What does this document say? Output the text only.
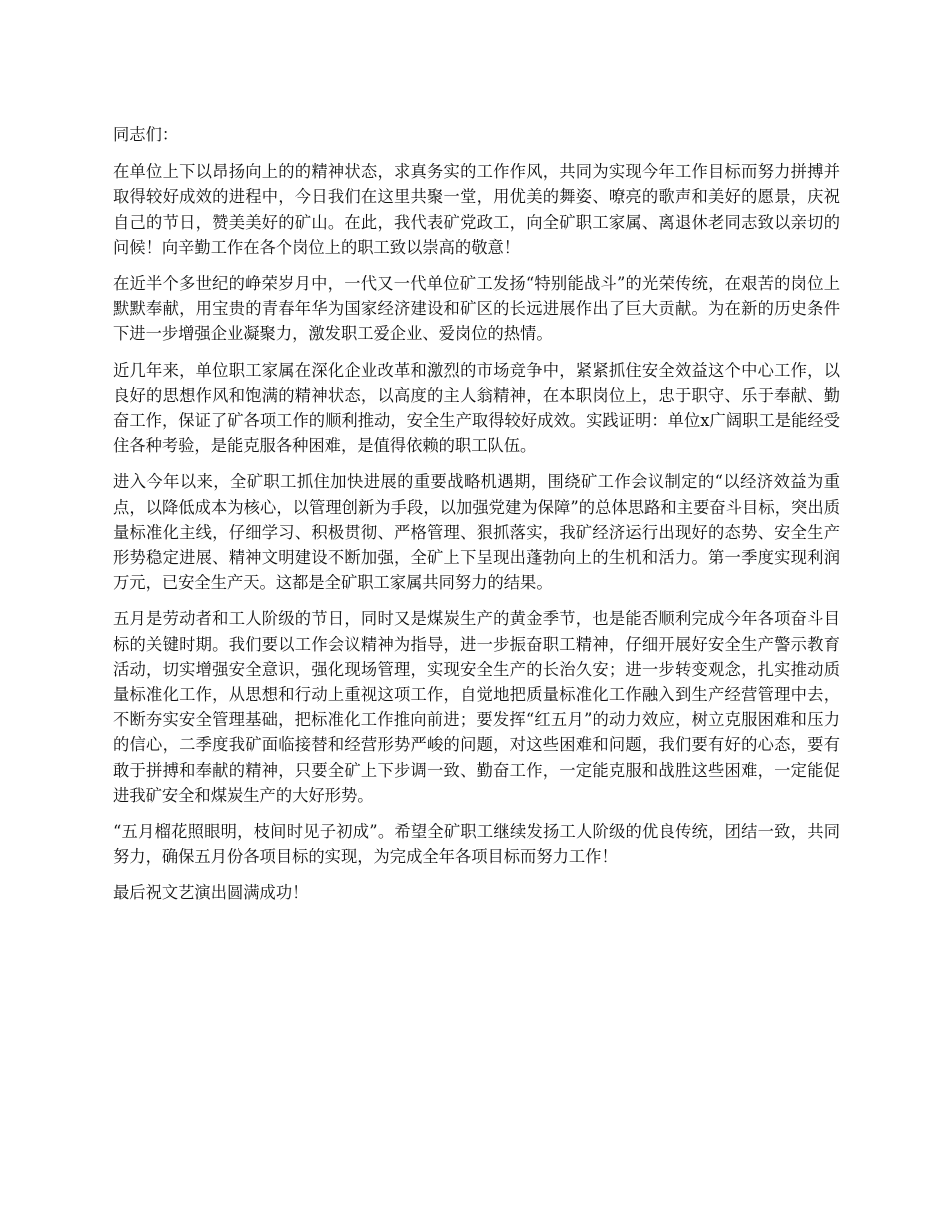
同志们：

在单位上下以昂扬向上的的精神状态，求真务实的工作作风，共同为实现今年工作目标而努力拼搏并取得较好成效的进程中，今日我们在这里共聚一堂，用优美的舞姿、嘹亮的歌声和美好的愿景，庆祝自己的节日，赞美美好的矿山。在此，我代表矿党政工，向全矿职工家属、离退休老同志致以亲切的问候！向辛勤工作在各个岗位上的职工致以崇高的敬意！

在近半个多世纪的峥荣岁月中，一代又一代单位矿工发扬“特别能战斗”的光荣传统，在艰苦的岗位上默默奉献，用宝贵的青春年华为国家经济建设和矿区的长远进展作出了巨大贡献。为在新的历史条件下进一步增强企业凝聚力，激发职工爱企业、爱岗位的热情。

近几年来，单位职工家属在深化企业改革和激烈的市场竞争中，紧紧抓住安全效益这个中心工作，以良好的思想作风和饱满的精神状态，以高度的主人翁精神，在本职岗位上，忠于职守、乐于奉献、勤奋工作，保证了矿各项工作的顺利推动，安全生产取得较好成效。实践证明：单位x广阔职工是能经受住各种考验，是能克服各种困难，是值得依赖的职工队伍。

进入今年以来，全矿职工抓住加快进展的重要战略机遇期，围绕矿工作会议制定的“以经济效益为重点，以降低成本为核心，以管理创新为手段，以加强党建为保障”的总体思路和主要奋斗目标，突出质量标准化主线，仔细学习、积极贯彻、严格管理、狠抓落实，我矿经济运行出现好的态势、安全生产形势稳定进展、精神文明建设不断加强，全矿上下呈现出蓬勃向上的生机和活力。第一季度实现利润万元，已安全生产天。这都是全矿职工家属共同努力的结果。

五月是劳动者和工人阶级的节日，同时又是煤炭生产的黄金季节，也是能否顺利完成今年各项奋斗目标的关键时期。我们要以工作会议精神为指导，进一步振奋职工精神，仔细开展好安全生产警示教育活动，切实增强安全意识，强化现场管理，实现安全生产的长治久安；进一步转变观念，扎实推动质量标准化工作，从思想和行动上重视这项工作，自觉地把质量标准化工作融入到生产经营管理中去，不断夯实安全管理基础，把标准化工作推向前进；要发挥“红五月”的动力效应，树立克服困难和压力的信心，二季度我矿面临接替和经营形势严峻的问题，对这些困难和问题，我们要有好的心态，要有敢于拼搏和奉献的精神，只要全矿上下步调一致、勤奋工作，一定能克服和战胜这些困难，一定能促进我矿安全和煤炭生产的大好形势。

“五月榴花照眼明，枝间时见子初成”。希望全矿职工继续发扬工人阶级的优良传统，团结一致，共同努力，确保五月份各项目标的实现，为完成全年各项目标而努力工作！

最后祝文艺演出圆满成功！
